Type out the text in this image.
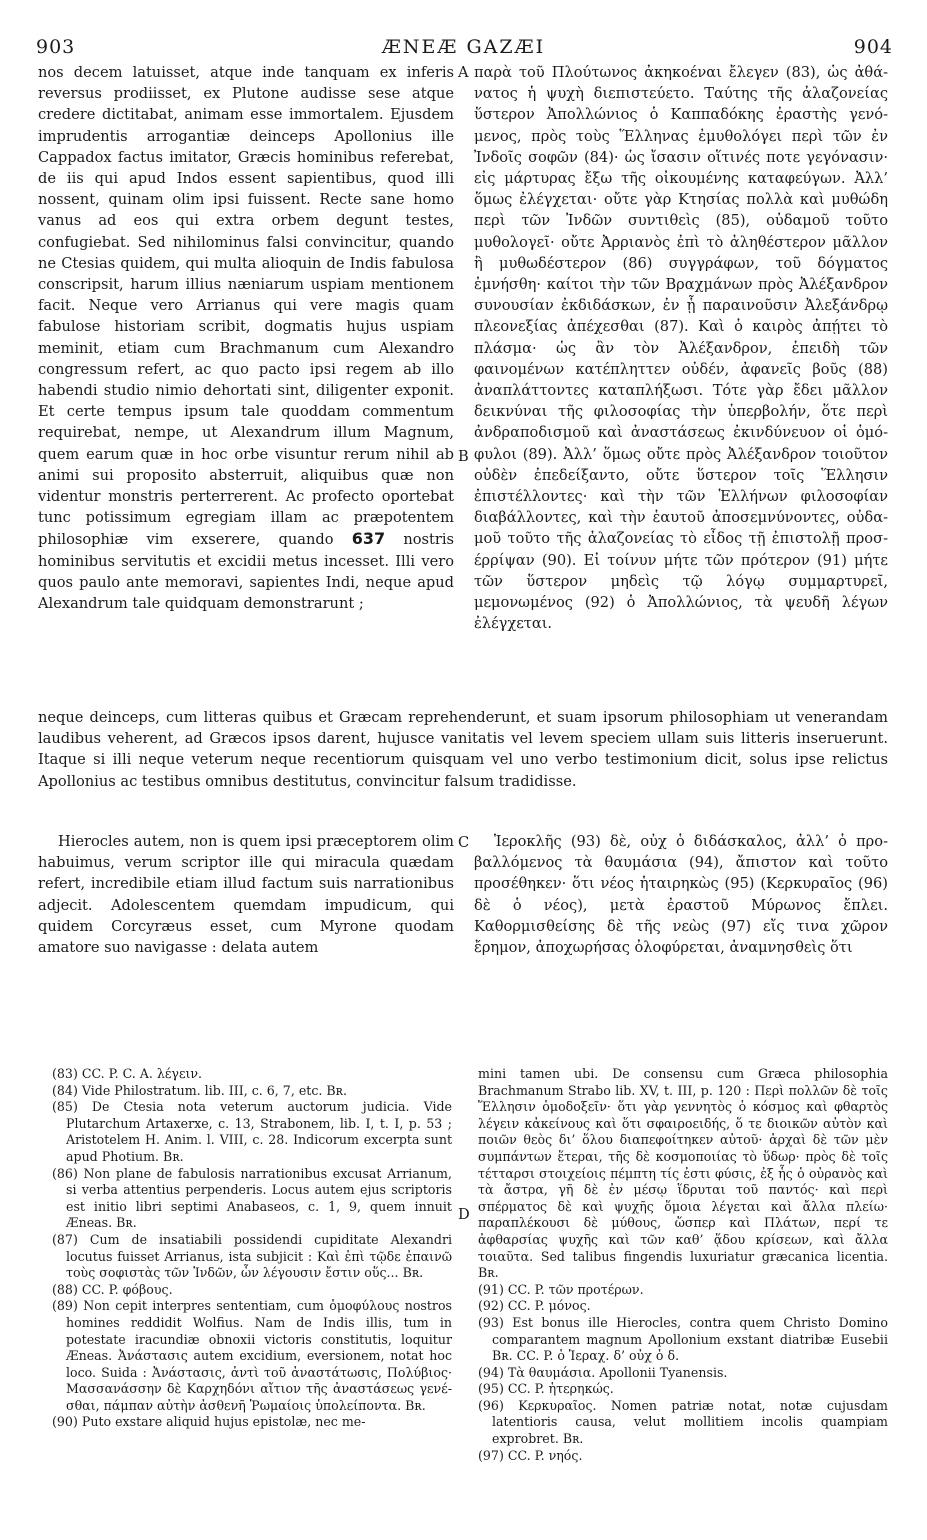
ÆNEÆ GAZÆI
903	904
A
B
C
D

nos decem latuisset, atque inde tanquam ex inferis reversus prodiisset, ex Plutone audisse sese atque credere dictitabat, animam esse immortalem. Ejusdem imprudentis arrogantiæ deinceps Apollonius ille Cappadox factus imitator, Græcis hominibus referebat, de iis qui apud Indos essent sapientibus, quod illi nossent, quinam olim ipsi fuissent. Recte sane homo vanus ad eos qui extra orbem degunt testes, confugiebat. Sed nihilominus falsi convincitur, quando ne Ctesias quidem, qui multa alioquin de Indis fabulosa conscripsit, harum illius næniarum uspiam mentionem facit. Neque vero Arrianus qui vere magis quam fabulose historiam scribit, dogmatis hujus uspiam meminit, etiam cum Brachmanum cum Alexandro congressum refert, ac quo pacto ipsi regem ab illo habendi studio nimio dehortati sint, diligenter exponit. Et certe tempus ipsum tale quoddam commentum requirebat, nempe, ut Alexandrum illum Magnum, quem earum quæ in hoc orbe visuntur rerum nihil ab animi sui proposito absterruit, aliquibus quæ non videntur monstris perterrerent. Ac profecto oportebat tunc potissimum egregiam illam ac præpotentem philosophiæ vim exserere, quando 637 nostris hominibus servitutis et excidii metus incesset. Illi vero quos paulo ante memoravi, sapientes Indi, neque apud Alexandrum tale quidquam demonstrarunt ;

παρὰ τοῦ Πλούτωνος ἀκηκοέναι ἔλεγεν (83), ὡς ἀθάνατος ἡ ψυχὴ διεπιστεύετο. Ταύτης τῆς ἀλαζονείας ὕστερον Ἀπολλώνιος ὁ Καππαδόκης ἐραστὴς γενόμενος, πρὸς τοὺς Ἕλληνας ἐμυθολόγει περὶ τῶν ἐν Ἰνδοῖς σοφῶν (84)· ὡς ἴσασιν οἵτινές ποτε γεγόνασιν· εἰς μάρτυρας ἔξω τῆς οἰκουμένης καταφεύγων. Ἀλλ’ ὅμως ἐλέγχεται· οὔτε γὰρ Κτησίας πολλὰ καὶ μυθώδη περὶ τῶν Ἰνδῶν συντιθεὶς (85), οὐδαμοῦ τοῦτο μυθολογεῖ· οὔτε Ἀρριανὸς ἐπὶ τὸ ἀληθέστερον μᾶλλον ἢ μυθωδέστερον (86) συγγράφων, τοῦ δόγματος ἐμνήσθη· καίτοι τὴν τῶν Βραχμάνων πρὸς Ἀλέξανδρον συνουσίαν ἐκδιδάσκων, ἐν ᾗ παραινοῦσιν Ἀλεξάνδρῳ πλεονεξίας ἀπέχεσθαι (87). Καὶ ὁ καιρὸς ἀπῄτει τὸ πλάσμα· ὡς ἂν τὸν Ἀλέξανδρον, ἐπειδὴ τῶν φαινομένων κατέπληττεν οὐδέν, ἀφανεῖς βοῦς (88) ἀναπλάττοντες καταπλήξωσι. Τότε γὰρ ἔδει μᾶλλον δεικνύναι τῆς φιλοσοφίας τὴν ὑπερβολήν, ὅτε περὶ ἀνδραποδισμοῦ καὶ ἀναστάσεως ἐκινδύνευον οἱ ὁμόφυλοι (89). Ἀλλ’ ὅμως οὔτε πρὸς Ἀλέξανδρον τοιοῦτον οὐδὲν ἐπεδείξαντο, οὔτε ὕστερον τοῖς Ἕλλησιν ἐπιστέλλοντες· καὶ τὴν τῶν Ἑλλήνων φιλοσοφίαν διαβάλλοντες, καὶ τὴν ἑαυτοῦ ἀποσεμνύνοντες, οὐδαμοῦ τοῦτο τῆς ἀλαζονείας τὸ εἶδος τῇ ἐπιστολῇ προσέρρίψαν (90). Εἰ τοίνυν μήτε τῶν πρότερον (91) μήτε τῶν ὕστερον μηδεὶς τῷ λόγῳ συμμαρτυρεῖ, μεμονωμένος (92) ὁ Ἀπολλώνιος, τὰ ψευδῆ λέγων ἐλέγχεται.

neque deinceps, cum litteras quibus et Græcam reprehenderunt, et suam ipsorum philosophiam ut venerandam laudibus veherent, ad Græcos ipsos darent, hujusce vanitatis vel levem speciem ullam suis litteris inseruerunt. Itaque si illi neque veterum neque recentiorum quisquam vel uno verbo testimonium dicit, solus ipse relictus Apollonius ac testibus omnibus destitutus, convincitur falsum tradidisse.

Hierocles autem, non is quem ipsi præceptorem olim habuimus, verum scriptor ille qui miracula quædam refert, incredibile etiam illud factum suis narrationibus adjecit. Adolescentem quemdam impudicum, qui quidem Corcyræus esset, cum Myrone quodam amatore suo navigasse : delata autem

Ἱεροκλῆς (93) δὲ, οὐχ ὁ διδάσκαλος, ἀλλ’ ὁ προβαλλόμενος τὰ θαυμάσια (94), ἄπιστον καὶ τοῦτο προσέθηκεν· ὅτι νέος ἡταιρηκὼς (95) (Κερκυραῖος (96) δὲ ὁ νέος), μετὰ ἐραστοῦ Μύρωνος ἔπλει. Καθορμισθείσης δὲ τῆς νεὼς (97) εἴς τινα χῶρον ἔρημον, ἀποχωρήσας ὀλοφύρεται, ἀναμνησθεὶς ὅτι

(83) CC. P. C. A. λέγειν.

(84) Vide Philostratum. lib. III, c. 6, 7, etc. Bʀ.

(85) De Ctesia nota veterum auctorum judicia. Vide Plutarchum Artaxerxe, c. 13, Strabonem, lib. I, t. I, p. 53 ; Aristotelem H. Anim. l. VIII, c. 28. Indicorum excerpta sunt apud Photium. Bʀ.

(86) Non plane de fabulosis narrationibus excusat Arrianum, si verba attentius perpenderis. Locus autem ejus scriptoris est initio libri septimi Anabaseos, c. 1, 9, quem innuit Æneas. Bʀ.

(87) Cum de insatiabili possidendi cupiditate Alexandri locutus fuisset Arrianus, ista subjicit : Καὶ ἐπὶ τῷδε ἐπαινῶ τοὺς σοφιστὰς τῶν Ἰνδῶν, ὧν λέγουσιν ἔστιν οὕς... Bʀ.

(88) CC. P. φόβους.

(89) Non cepit interpres sententiam, cum ὁμοφύλους nostros homines reddidit Wolfius. Nam de Indis illis, tum in potestate iracundiæ obnoxii victoris constitutis, loquitur Æneas. Ἀνάστασις autem excidium, eversionem, notat hoc loco. Suida : Ἀνάστασις, ἀντὶ τοῦ ἀναστάτωσις, Πολύβιος· Μασσανάσσην δὲ Καρχηδόνι αἴτιον τῆς ἀναστάσεως γενέσθαι, πάμπαν αὐτὴν ἀσθενῆ Ῥωμαίοις ὑπολείποντα. Bʀ.

(90) Puto exstare aliquid hujus epistolæ, nec me-

mini tamen ubi. De consensu cum Græca philosophia Brachmanum Strabo lib. XV, t. III, p. 120 : Περὶ πολλῶν δὲ τοῖς Ἕλλησιν ὁμοδοξεῖν· ὅτι γὰρ γεννητὸς ὁ κόσμος καὶ φθαρτὸς λέγειν κἀκείνους καὶ ὅτι σφαιροειδής, ὅ τε διοικῶν αὐτὸν καὶ ποιῶν θεὸς δι’ ὅλου διαπεφοίτηκεν αὐτοῦ· ἀρχαὶ δὲ τῶν μὲν συμπάντων ἕτεραι, τῆς δὲ κοσμοποιίας τὸ ὕδωρ· πρὸς δὲ τοῖς τέτταρσι στοιχείοις πέμπτη τίς ἐστι φύσις, ἐξ ἧς ὁ οὐρανὸς καὶ τὰ ἄστρα, γῆ δὲ ἐν μέσῳ ἵδρυται τοῦ παντός· καὶ περὶ σπέρματος δὲ καὶ ψυχῆς ὅμοια λέγεται καὶ ἄλλα πλείω· παραπλέκουσι δὲ μύθους, ὥσπερ καὶ Πλάτων, περί τε ἀφθαρσίας ψυχῆς καὶ τῶν καθ’ ᾅδου κρίσεων, καὶ ἄλλα τοιαῦτα. Sed talibus fingendis luxuriatur græcanica licentia. Bʀ.

(91) CC. P. τῶν προτέρων.

(92) CC. P. μόνος.

(93) Est bonus ille Hierocles, contra quem Christo Domino comparantem magnum Apollonium exstant diatribæ Eusebii Bʀ. CC. P. ὁ Ἱεραχ. δ’ οὐχ ὁ δ.

(94) Τὰ θαυμάσια. Apollonii Tyanensis.

(95) CC. P. ἡτερηκώς.

(96) Κερκυραῖος. Nomen patriæ notat, notæ cujusdam latentioris causa, velut mollitiem incolis quampiam exprobret. Bʀ.

(97) CC. P. νηός.
